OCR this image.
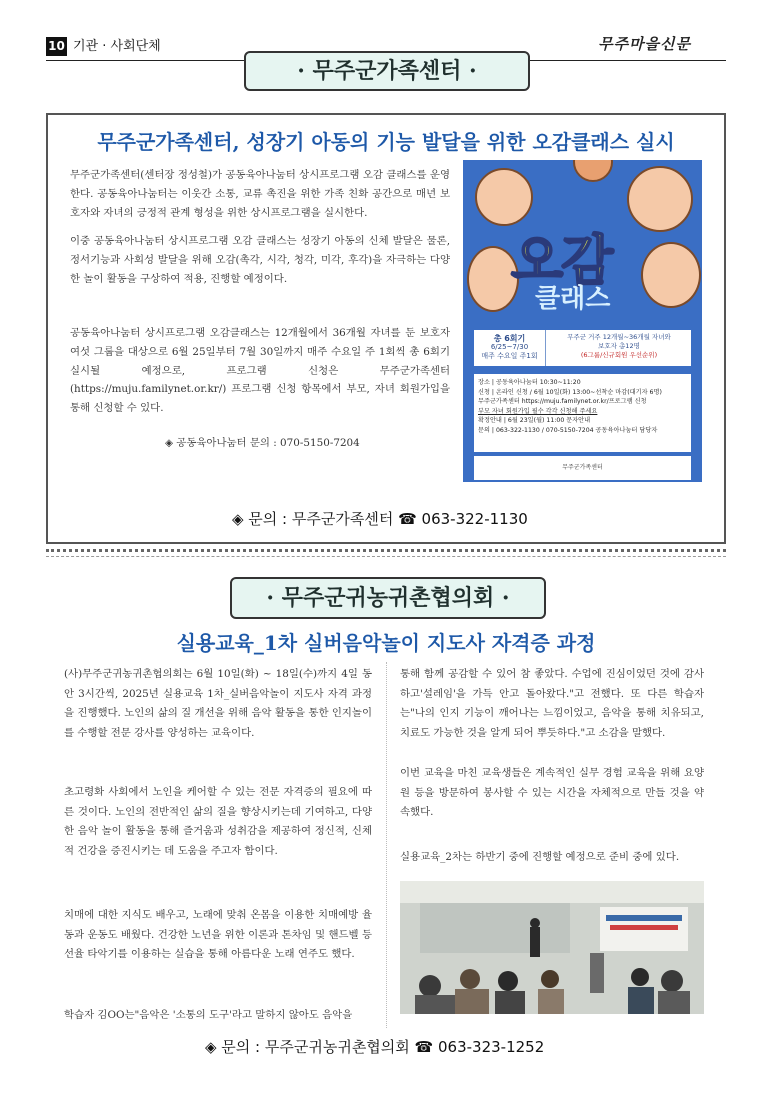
10 기관 · 사회단체	무주마을신문
· 무주군가족센터 ·
무주군가족센터, 성장기 아동의 기능 발달을 위한 오감클래스 실시

무주군가족센터(센터장 정성철)가 공동육아나눔터 상시프로그램 오감 클래스를 운영한다. 공동육아나눔터는 이웃간 소통, 교류 촉진을 위한 가족 친화 공간으로 매년 보호자와 자녀의 긍정적 관계 형성을 위한 상시프로그램을 실시한다.

이중 공동육아나눔터 상시프로그램 오감 클래스는 성장기 아동의 신체 발달은 물론, 정서기능과 사회성 발달을 위해 오감(촉각, 시각, 청각, 미각, 후각)을 자극하는 다양한 놀이 활동을 구상하여 적용, 진행할 예정이다.

공동육아나눔터 상시프로그램 오감클래스는 12개월에서 36개월 자녀를 둔 보호자 여섯 그룹을 대상으로 6월 25일부터 7월 30일까지 매주 수요일 주 1회씩 총 6회기 실시될 예정으로, 프로그램 신청은 무주군가족센터(https://muju.familynet.or.kr/) 프로그램 신청 항목에서 부모, 자녀 회원가입을 통해 신청할 수 있다.

◈ 공동육아나눔터 문의 : 070-5150-7204
오감
클래스
총 6회기
6/25~7/30
매주 수요일 주1회
무주군 거주 12개월~36개월 자녀와
보호자 총12명
(6그룹/신규회원 우선순위)
장소 | 공동육아나눔터 10:30~11:20
신청 | 온라인 신청 / 6월 10일(화) 13:00~선착순 마감(대기자 6명)
무주군가족센터 https://muju.familynet.or.kr/프로그램 신청
부모 자녀 회원가입 필수 각각 신청해 주세요
확정안내 | 6월 23일(월) 11:00 문자안내
문의 | 063-322-1130 / 070-5150-7204 공동육아나눔터 담당자
무주군가족센터
◈ 문의 : 무주군가족센터 ☎ 063-322-1130
· 무주군귀농귀촌협의회 ·
실용교육_1차 실버음악놀이 지도사 자격증 과정

(사)무주군귀농귀촌협의회는 6월 10일(화) ~ 18일(수)까지 4일 동안 3시간씩, 2025년 실용교육 1차_실버음악놀이 지도사 자격 과정을 진행했다. 노인의 삶의 질 개선을 위해 음악 활동을 통한 인지놀이를 수행할 전문 강사를 양성하는 교육이다.

초고령화 사회에서 노인을 케어할 수 있는 전문 자격증의 필요에 따른 것이다. 노인의 전반적인 삶의 질을 향상시키는데 기여하고, 다양한 음악 놀이 활동을 통해 즐거움과 성취감을 제공하여 정신적, 신체적 건강을 증진시키는 데 도움을 주고자 함이다.

치매에 대한 지식도 배우고, 노래에 맞춰 온몸을 이용한 치매예방 율동과 운동도 배웠다. 건강한 노년을 위한 이론과 톤차임 및 핸드벨 등 선율 타악기를 이용하는 실습을 통해 아름다운 노래 연주도 했다.

학습자 김OO는"음악은 '소통의 도구'라고 말하지 않아도 음악을

통해 함께 공감할 수 있어 참 좋았다. 수업에 진심이었던 것에 감사하고'설레임'을 가득 안고 돌아왔다."고 전했다. 또 다른 학습자는"나의 인지 기능이 깨어나는 느낌이었고, 음악을 통해 치유되고, 치료도 가능한 것을 알게 되어 뿌듯하다."고 소감을 말했다.

이번 교육을 마친 교육생들은 계속적인 실무 경험 교육을 위해 요양원 등을 방문하여 봉사할 수 있는 시간을 자체적으로 만들 것을 약속했다.

실용교육_2차는 하반기 중에 진행할 예정으로 준비 중에 있다.

◈ 문의 : 무주군귀농귀촌협의회 ☎ 063-323-1252
